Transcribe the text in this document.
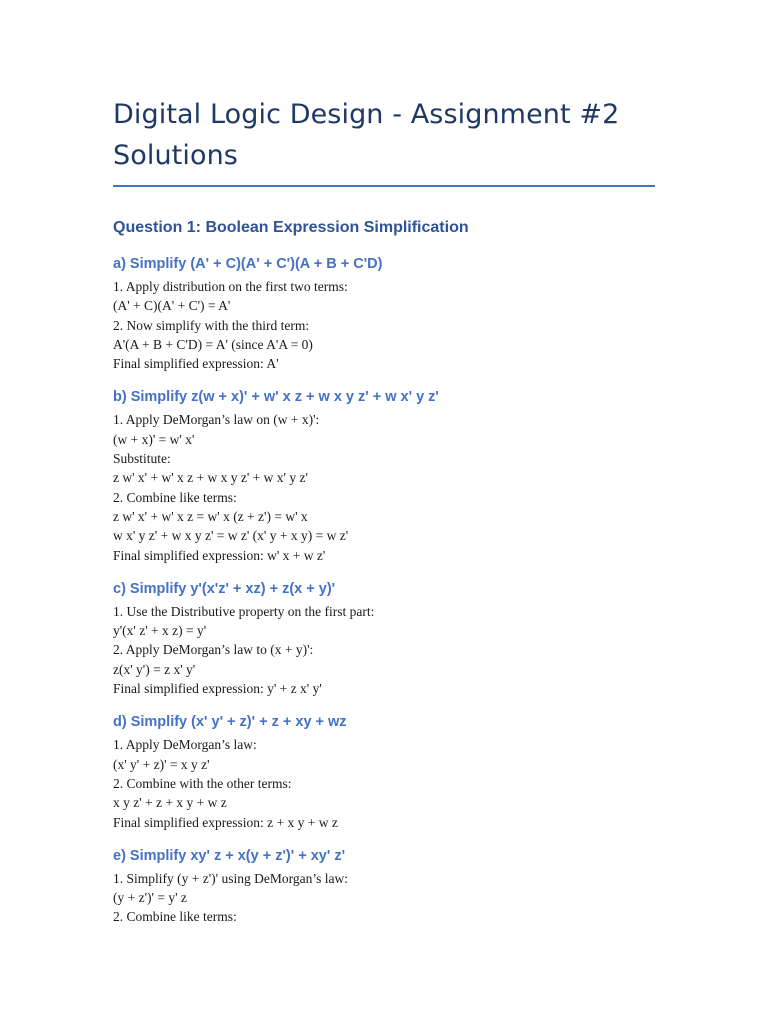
Digital Logic Design - Assignment #2 Solutions
Question 1: Boolean Expression Simplification
a) Simplify (A' + C)(A' + C')(A + B + C'D)

1. Apply distribution on the first two terms:

(A' + C)(A' + C') = A'

2. Now simplify with the third term:

A'(A + B + C'D) = A' (since A'A = 0)

Final simplified expression: A'

b) Simplify z(w + x)' + w' x z + w x y z' + w x' y z'

1. Apply DeMorgan’s law on (w + x)':

(w + x)' = w' x'

Substitute:

z w' x' + w' x z + w x y z' + w x' y z'

2. Combine like terms:

z w' x' + w' x z = w' x (z + z') = w' x

w x' y z' + w x y z' = w z' (x' y + x y) = w z'

Final simplified expression: w' x + w z'

c) Simplify y'(x'z' + xz) + z(x + y)'

1. Use the Distributive property on the first part:

y'(x' z' + x z) = y'

2. Apply DeMorgan’s law to (x + y)':

z(x' y') = z x' y'

Final simplified expression: y' + z x' y'

d) Simplify (x' y' + z)' + z + xy + wz

1. Apply DeMorgan’s law:

(x' y' + z)' = x y z'

2. Combine with the other terms:

x y z' + z + x y + w z

Final simplified expression: z + x y + w z

e) Simplify xy' z + x(y + z')' + xy' z'

1. Simplify (y + z')' using DeMorgan’s law:

(y + z')' = y' z

2. Combine like terms:
